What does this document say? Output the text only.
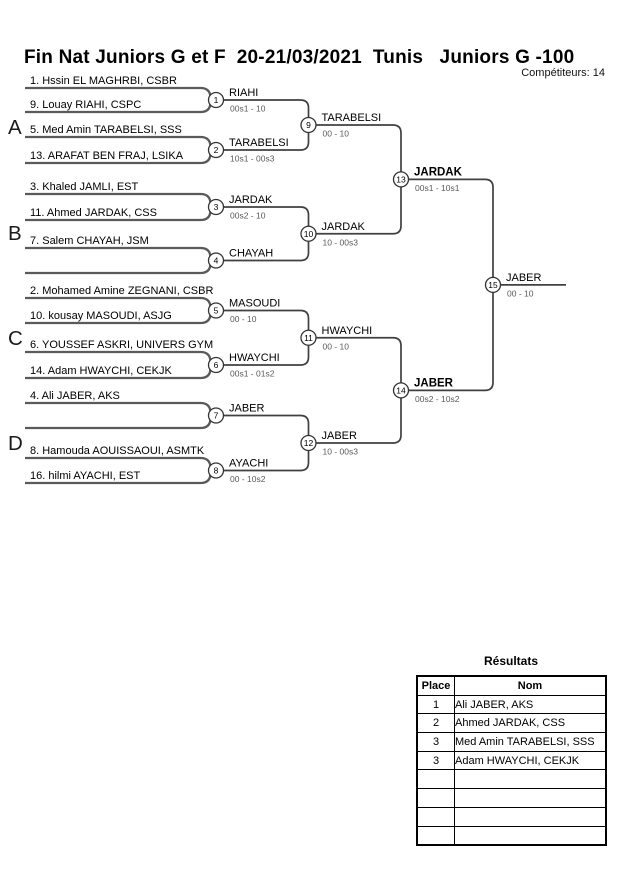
Fin Nat Juniors G et F  20-21/03/2021  Tunis   Juniors G -100
Compétiteurs: 14
A
1. Hssin EL MAGHRBI, CSBR
9. Louay RIAHI, CSPC
5. Med Amin TARABELSI, SSS
13. ARAFAT BEN FRAJ, LSIKA
B
3. Khaled JAMLI, EST
11. Ahmed JARDAK, CSS
7. Salem CHAYAH, JSM
C
2. Mohamed Amine ZEGNANI, CSBR
10. kousay MASOUDI, ASJG
6. YOUSSEF ASKRI, UNIVERS GYM
14. Adam HWAYCHI, CEKJK
D
4. Ali JABER, AKS
8. Hamouda AOUISSAOUI, ASMTK
16. hilmi AYACHI, EST
1
RIAHI
00s1 - 10
2
TARABELSI
10s1 - 00s3
3
JARDAK
00s2 - 10
4
CHAYAH
5
MASOUDI
00 - 10
6
HWAYCHI
00s1 - 01s2
7
JABER
8
AYACHI
00 - 10s2
9
TARABELSI
00 - 10
10
JARDAK
10 - 00s3
11
HWAYCHI
00 - 10
12
JABER
10 - 00s3
13
JARDAK
00s1 - 10s1
14
JABER
00s2 - 10s2
15
JABER
00 - 10
Résultats
Place	Nom
1	Ali JABER, AKS
2	Ahmed JARDAK, CSS
3	Med Amin TARABELSI, SSS
3	Adam HWAYCHI, CEKJK
